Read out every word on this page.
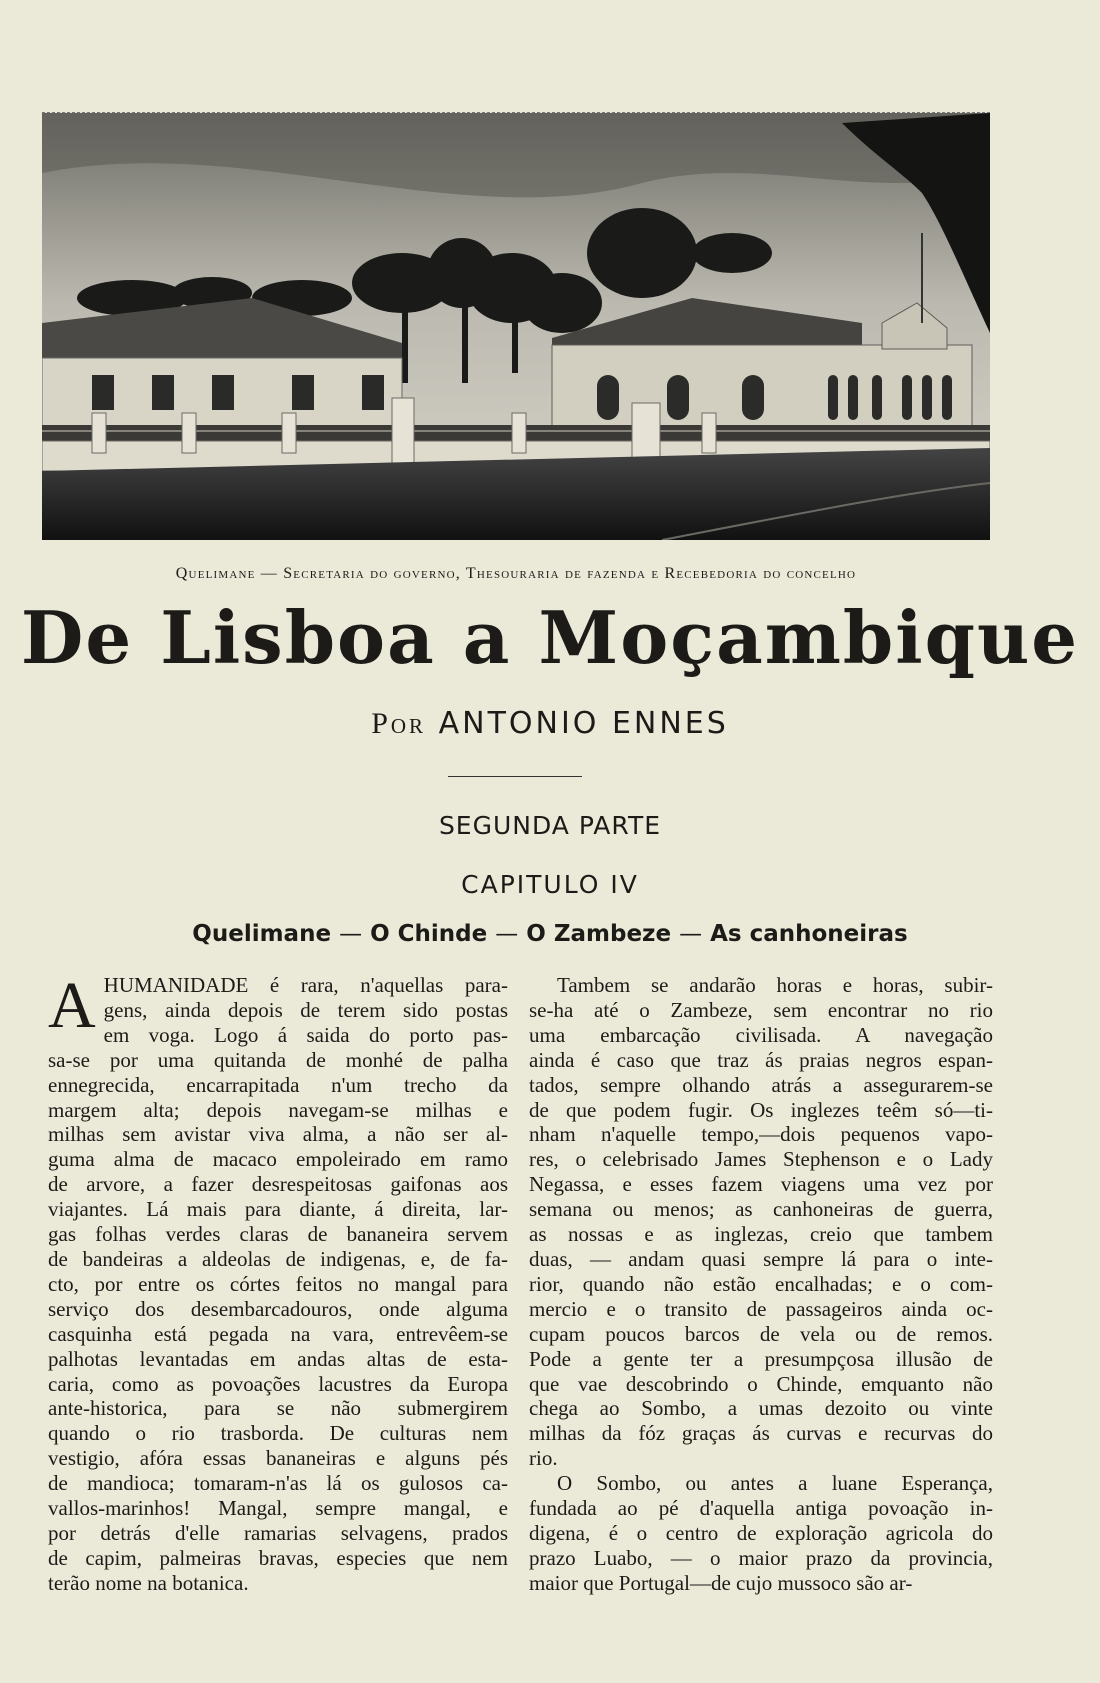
Quelimane — Secretaria do governo, Thesouraria de fazenda e Recebedoria do concelho
De Lisboa a Moçambique
Por ANTONIO ENNES
SEGUNDA PARTE
CAPITULO IV
Quelimane — O Chinde — O Zambeze — As canhoneiras
A HUMANIDADE é rara, n'aquellas para-
gens, ainda depois de terem sido postas
em voga. Logo á saida do porto pas-
sa-se por uma quitanda de monhé de palha
ennegrecida, encarrapitada n'um trecho da
margem alta; depois navegam-se milhas e
milhas sem avistar viva alma, a não ser al-
guma alma de macaco empoleirado em ramo
de arvore, a fazer desrespeitosas gaifonas aos
viajantes. Lá mais para diante, á direita, lar-
gas folhas verdes claras de bananeira servem
de bandeiras a aldeolas de indigenas, e, de fa-
cto, por entre os córtes feitos no mangal para
serviço dos desembarcadouros, onde alguma
casquinha está pegada na vara, entrevêem-se
palhotas levantadas em andas altas de esta-
caria, como as povoações lacustres da Europa
ante-historica, para se não submergirem
quando o rio trasborda. De culturas nem
vestigio, afóra essas bananeiras e alguns pés
de mandioca; tomaram-n'as lá os gulosos ca-
vallos-marinhos! Mangal, sempre mangal, e
por detrás d'elle ramarias selvagens, prados
de capim, palmeiras bravas, especies que nem
terão nome na botanica.
Tambem se andarão horas e horas, subir-
se-ha até o Zambeze, sem encontrar no rio
uma embarcação civilisada. A navegação
ainda é caso que traz ás praias negros espan-
tados, sempre olhando atrás a assegurarem-se
de que podem fugir. Os inglezes teêm só—ti-
nham n'aquelle tempo,—dois pequenos vapo-
res, o celebrisado James Stephenson e o Lady
Negassa, e esses fazem viagens uma vez por
semana ou menos; as canhoneiras de guerra,
as nossas e as inglezas, creio que tambem
duas, — andam quasi sempre lá para o inte-
rior, quando não estão encalhadas; e o com-
mercio e o transito de passageiros ainda oc-
cupam poucos barcos de vela ou de remos.
Pode a gente ter a presumpçosa illusão de
que vae descobrindo o Chinde, emquanto não
chega ao Sombo, a umas dezoito ou vinte
milhas da fóz graças ás curvas e recurvas do
rio.
O Sombo, ou antes a luane Esperança,
fundada ao pé d'aquella antiga povoação in-
digena, é o centro de exploração agricola do
prazo Luabo, — o maior prazo da provincia,
maior que Portugal—de cujo mussoco são ar-
